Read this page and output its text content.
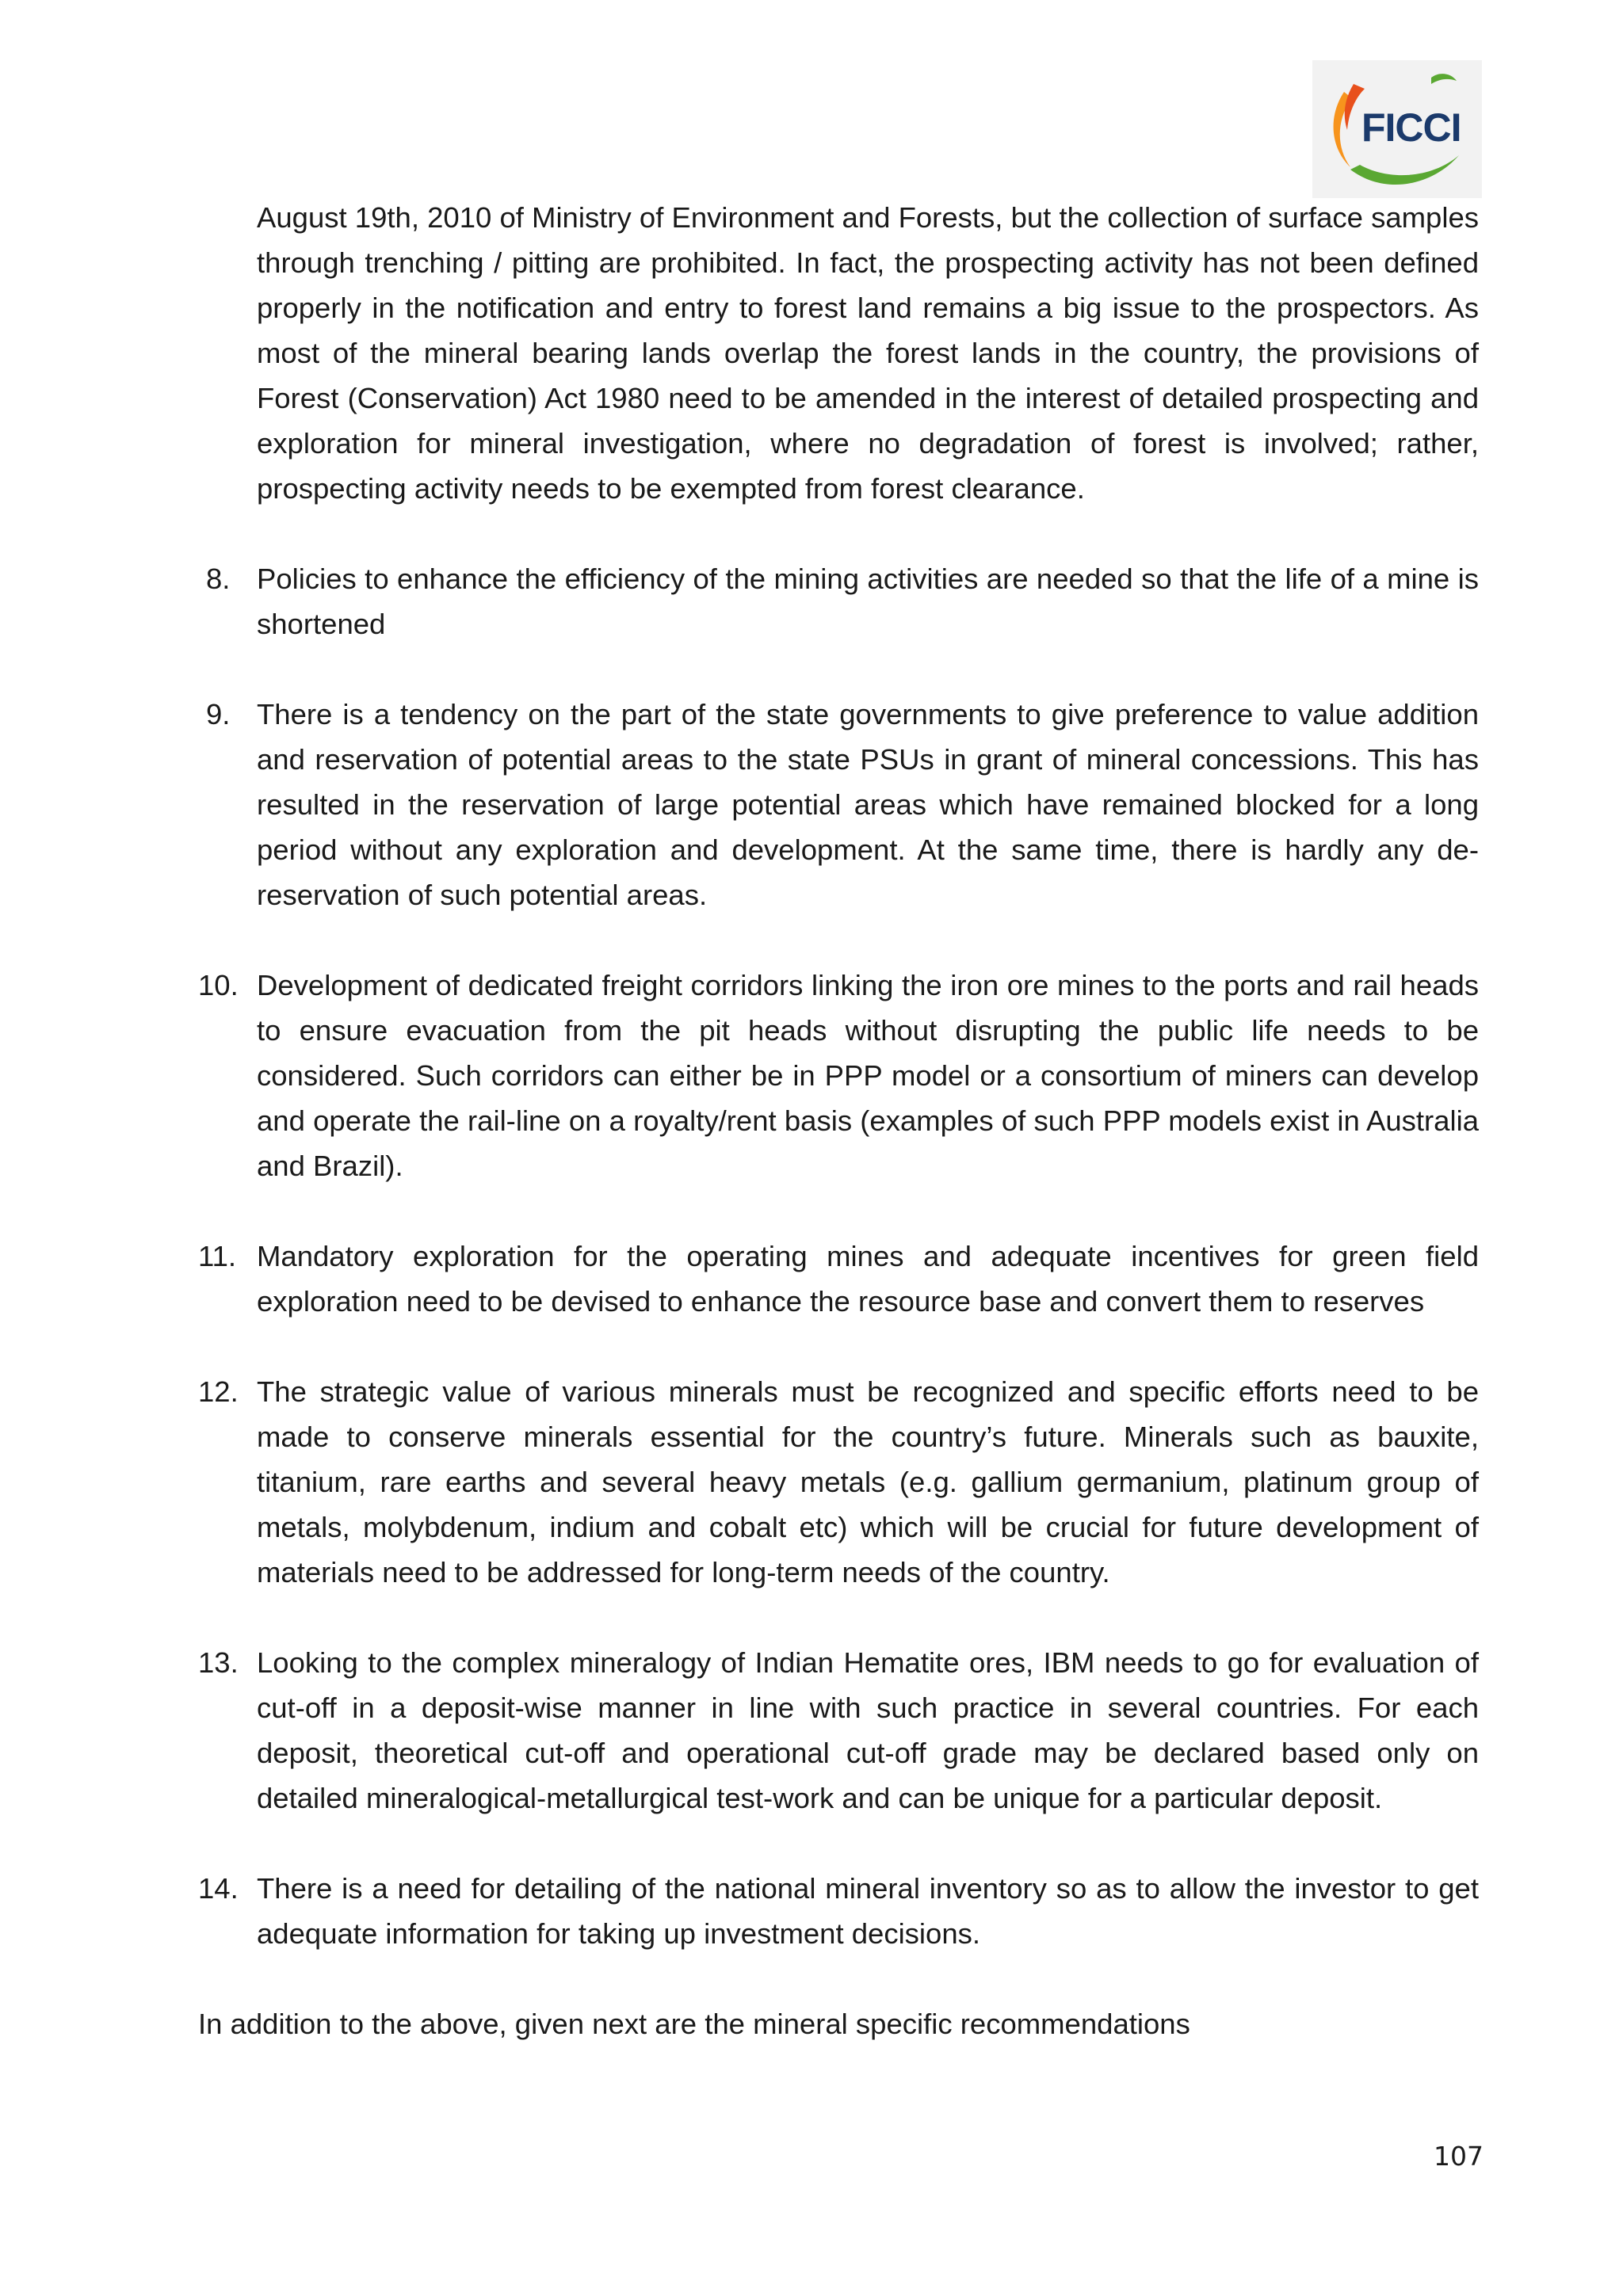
FICCI

August 19th, 2010 of Ministry of Environment and Forests, but the collection of surface samples through trenching / pitting are prohibited. In fact, the prospecting activity has not been defined properly in the notification and entry to forest land remains a big issue to the prospectors. As most of the mineral bearing lands overlap the forest lands in the country, the provisions of Forest (Conservation) Act 1980 need to be amended in the interest of detailed prospecting and exploration for mineral investigation, where no degradation of forest is involved; rather, prospecting activity needs to be exempted from forest clearance.

8. Policies to enhance the efficiency of the mining activities are needed so that the life of a mine is shortened
9. There is a tendency on the part of the state governments to give preference to value addition and reservation of potential areas to the state PSUs in grant of mineral concessions. This has resulted in the reservation of large potential areas which have remained blocked for a long period without any exploration and development. At the same time, there is hardly any de-reservation of such potential areas.
10. Development of dedicated freight corridors linking the iron ore mines to the ports and rail heads to ensure evacuation from the pit heads without disrupting the public life needs to be considered. Such corridors can either be in PPP model or a consortium of miners can develop and operate the rail-line on a royalty/rent basis (examples of such PPP models exist in Australia and Brazil).
11. Mandatory exploration for the operating mines and adequate incentives for green field exploration need to be devised to enhance the resource base and convert them to reserves
12. The strategic value of various minerals must be recognized and specific efforts need to be made to conserve minerals essential for the country’s future. Minerals such as bauxite, titanium, rare earths and several heavy metals (e.g. gallium germanium, platinum group of metals, molybdenum, indium and cobalt etc) which will be crucial for future development of materials need to be addressed for long-term needs of the country.
13. Looking to the complex mineralogy of Indian Hematite ores, IBM needs to go for evaluation of cut-off in a deposit-wise manner in line with such practice in several countries. For each deposit, theoretical cut-off and operational cut-off grade may be declared based only on detailed mineralogical-metallurgical test-work and can be unique for a particular deposit.
14. There is a need for detailing of the national mineral inventory so as to allow the investor to get adequate information for taking up investment decisions.

In addition to the above, given next are the mineral specific recommendations

107
